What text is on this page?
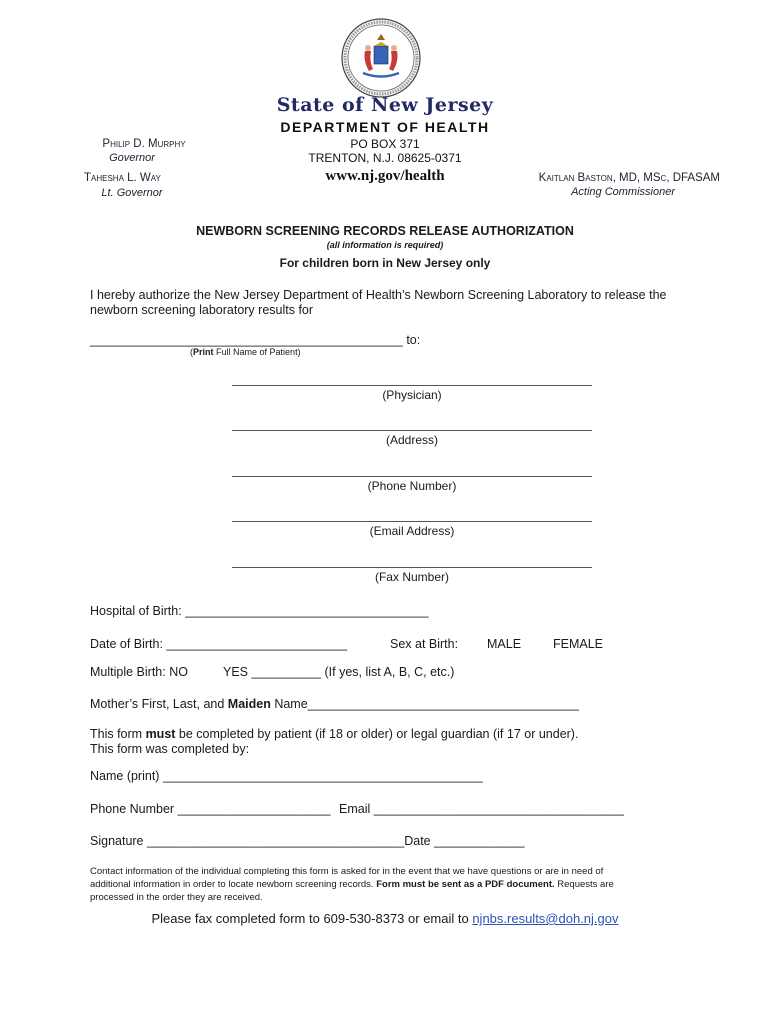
State of New Jersey
DEPARTMENT OF HEALTH
PO BOX 371
TRENTON, N.J. 08625-0371
www.nj.gov/health
Philip D. Murphy
Governor
Tahesha L. Way
Lt. Governor
Kaitlan Baston, MD, MSc, DFASAM
Acting Commissioner
NEWBORN SCREENING RECORDS RELEASE AUTHORIZATION
(all information is required)
For children born in New Jersey only
I hereby authorize the New Jersey Department of Health’s Newborn Screening Laboratory to release the
newborn screening laboratory results for
_____________________________________________ to:
(Print Full Name of Patient)
(Physician)
(Address)
(Phone Number)
(Email Address)
(Fax Number)
Hospital of Birth: ___________________________________
Date of Birth: __________________________	Sex at Birth: MALE	FEMALE
Multiple Birth: NO	YES __________ (If yes, list A, B, C, etc.)
Mother’s First, Last, and Maiden Name_______________________________________
This form must be completed by patient (if 18 or older) or legal guardian (if 17 or under).
This form was completed by:
Name (print) ______________________________________________
Phone Number ______________________ Email ____________________________________
Signature _____________________________________Date _____________
Contact information of the individual completing this form is asked for in the event that we have questions or are in need of
additional information in order to locate newborn screening records. Form must be sent as a PDF document. Requests are
processed in the order they are received.
Please fax completed form to 609-530-8373 or email to njnbs.results@doh.nj.gov
